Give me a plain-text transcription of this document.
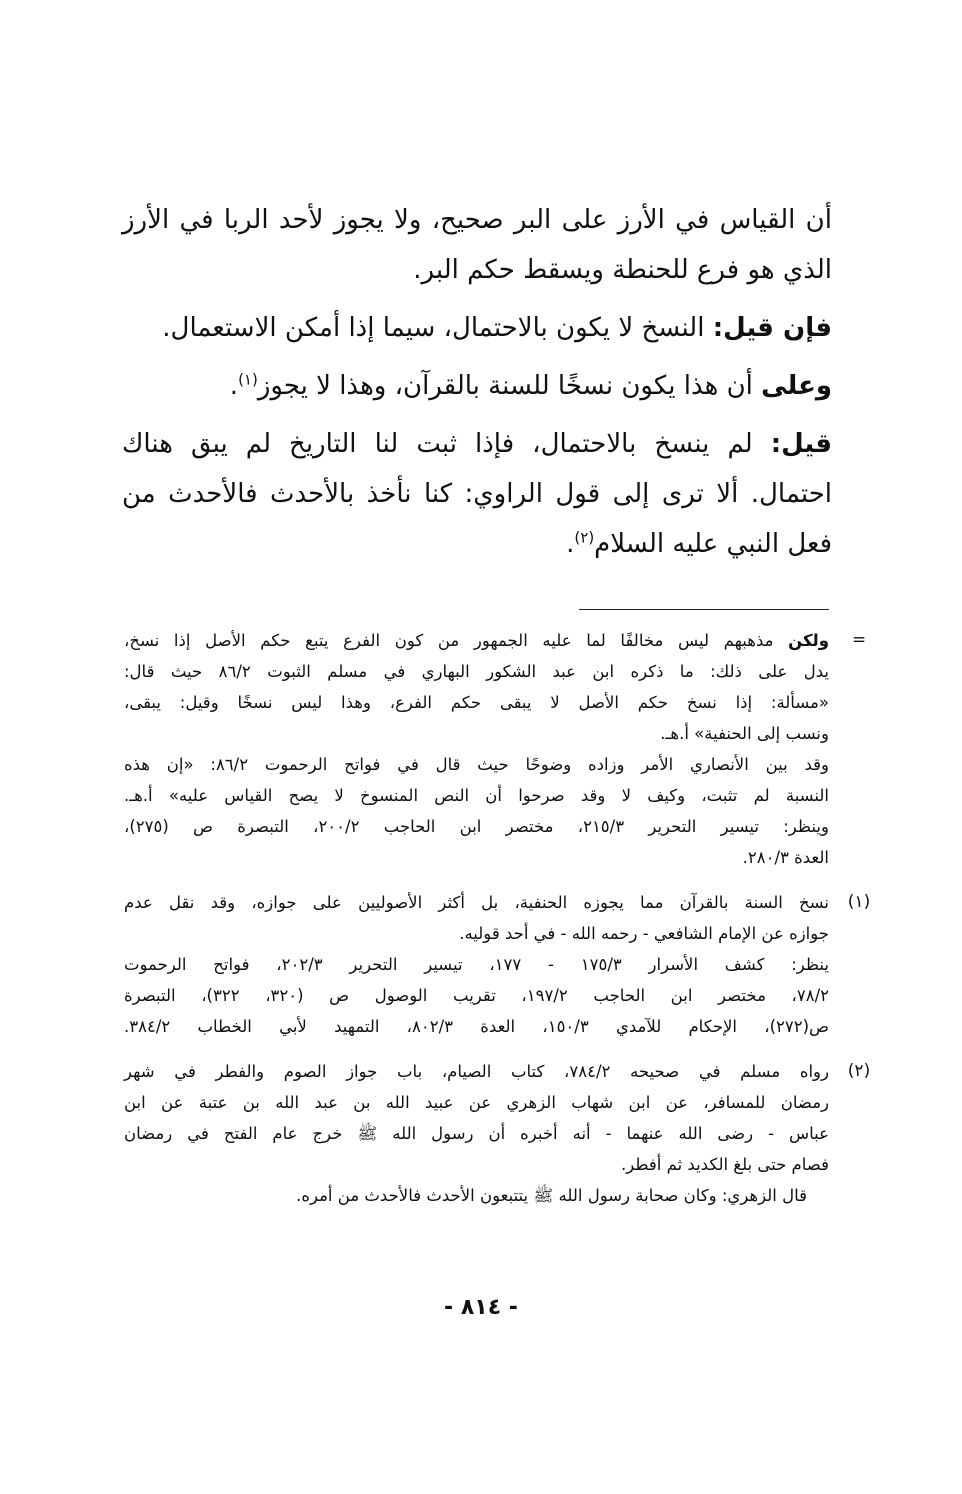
أن القياس في الأرز على البر صحيح، ولا يجوز لأحد الربا في الأرز
الذي هو فرع للحنطة ويسقط حكم البر.
فإن قيل: النسخ لا يكون بالاحتمال، سيما إذا أمكن الاستعمال.
وعلى أن هذا يكون نسخًا للسنة بالقرآن، وهذا لا يجوز$^{(١)}$.
قيل: لم ينسخ بالاحتمال، فإذا ثبت لنا التاريخ لم يبق هناك
احتمال. ألا ترى إلى قول الراوي: كنا نأخذ بالأحدث فالأحدث من
فعل النبي عليه السلام$^{(٢)}$.
=
ولكن مذهبهم ليس مخالفًا لما عليه الجمهور من كون الفرع يتبع حكم الأصل إذا نسخ،
يدل على ذلك: ما ذكره ابن عبد الشكور البهاري في مسلم الثبوت ٨٦/٢ حيث قال:
«مسألة: إذا نسخ حكم الأصل لا يبقى حكم الفرع، وهذا ليس نسخًا وقيل: يبقى،
ونسب إلى الحنفية» أ.هـ.
وقد بين الأنصاري الأمر وزاده وضوحًا حيث قال في فواتح الرحموت ٨٦/٢: «إن هذه
النسبة لم تثبت، وكيف لا وقد صرحوا أن النص المنسوخ لا يصح القياس عليه» أ.هـ.
وينظر: تيسير التحرير ٢١٥/٣، مختصر ابن الحاجب ٢٠٠/٢، التبصرة ص (٢٧٥)،
العدة ٢٨٠/٣.
(١)
نسخ السنة بالقرآن مما يجوزه الحنفية، بل أكثر الأصوليين على جوازه، وقد نقل عدم
جوازه عن الإمام الشافعي - رحمه الله - في أحد قوليه.
ينظر: كشف الأسرار ١٧٥/٣ - ١٧٧، تيسير التحرير ٢٠٢/٣، فواتح الرحموت
٧٨/٢، مختصر ابن الحاجب ١٩٧/٢، تقريب الوصول ص (٣٢٠، ٣٢٢)، التبصرة
ص(٢٧٢)، الإحكام للآمدي ١٥٠/٣، العدة ٨٠٢/٣، التمهيد لأبي الخطاب ٣٨٤/٢.
(٢)
رواه مسلم في صحيحه ٧٨٤/٢، كتاب الصيام، باب جواز الصوم والفطر في شهر
رمضان للمسافر، عن ابن شهاب الزهري عن عبيد الله بن عبد الله بن عتبة عن ابن
عباس - رضى الله عنهما - أنه أخبره أن رسول الله ﷺ خرج عام الفتح في رمضان
فصام حتى بلغ الكديد ثم أفطر.
قال الزهري: وكان صحابة رسول الله ﷺ يتتبعون الأحدث فالأحدث من أمره.
- ٨١٤ -
